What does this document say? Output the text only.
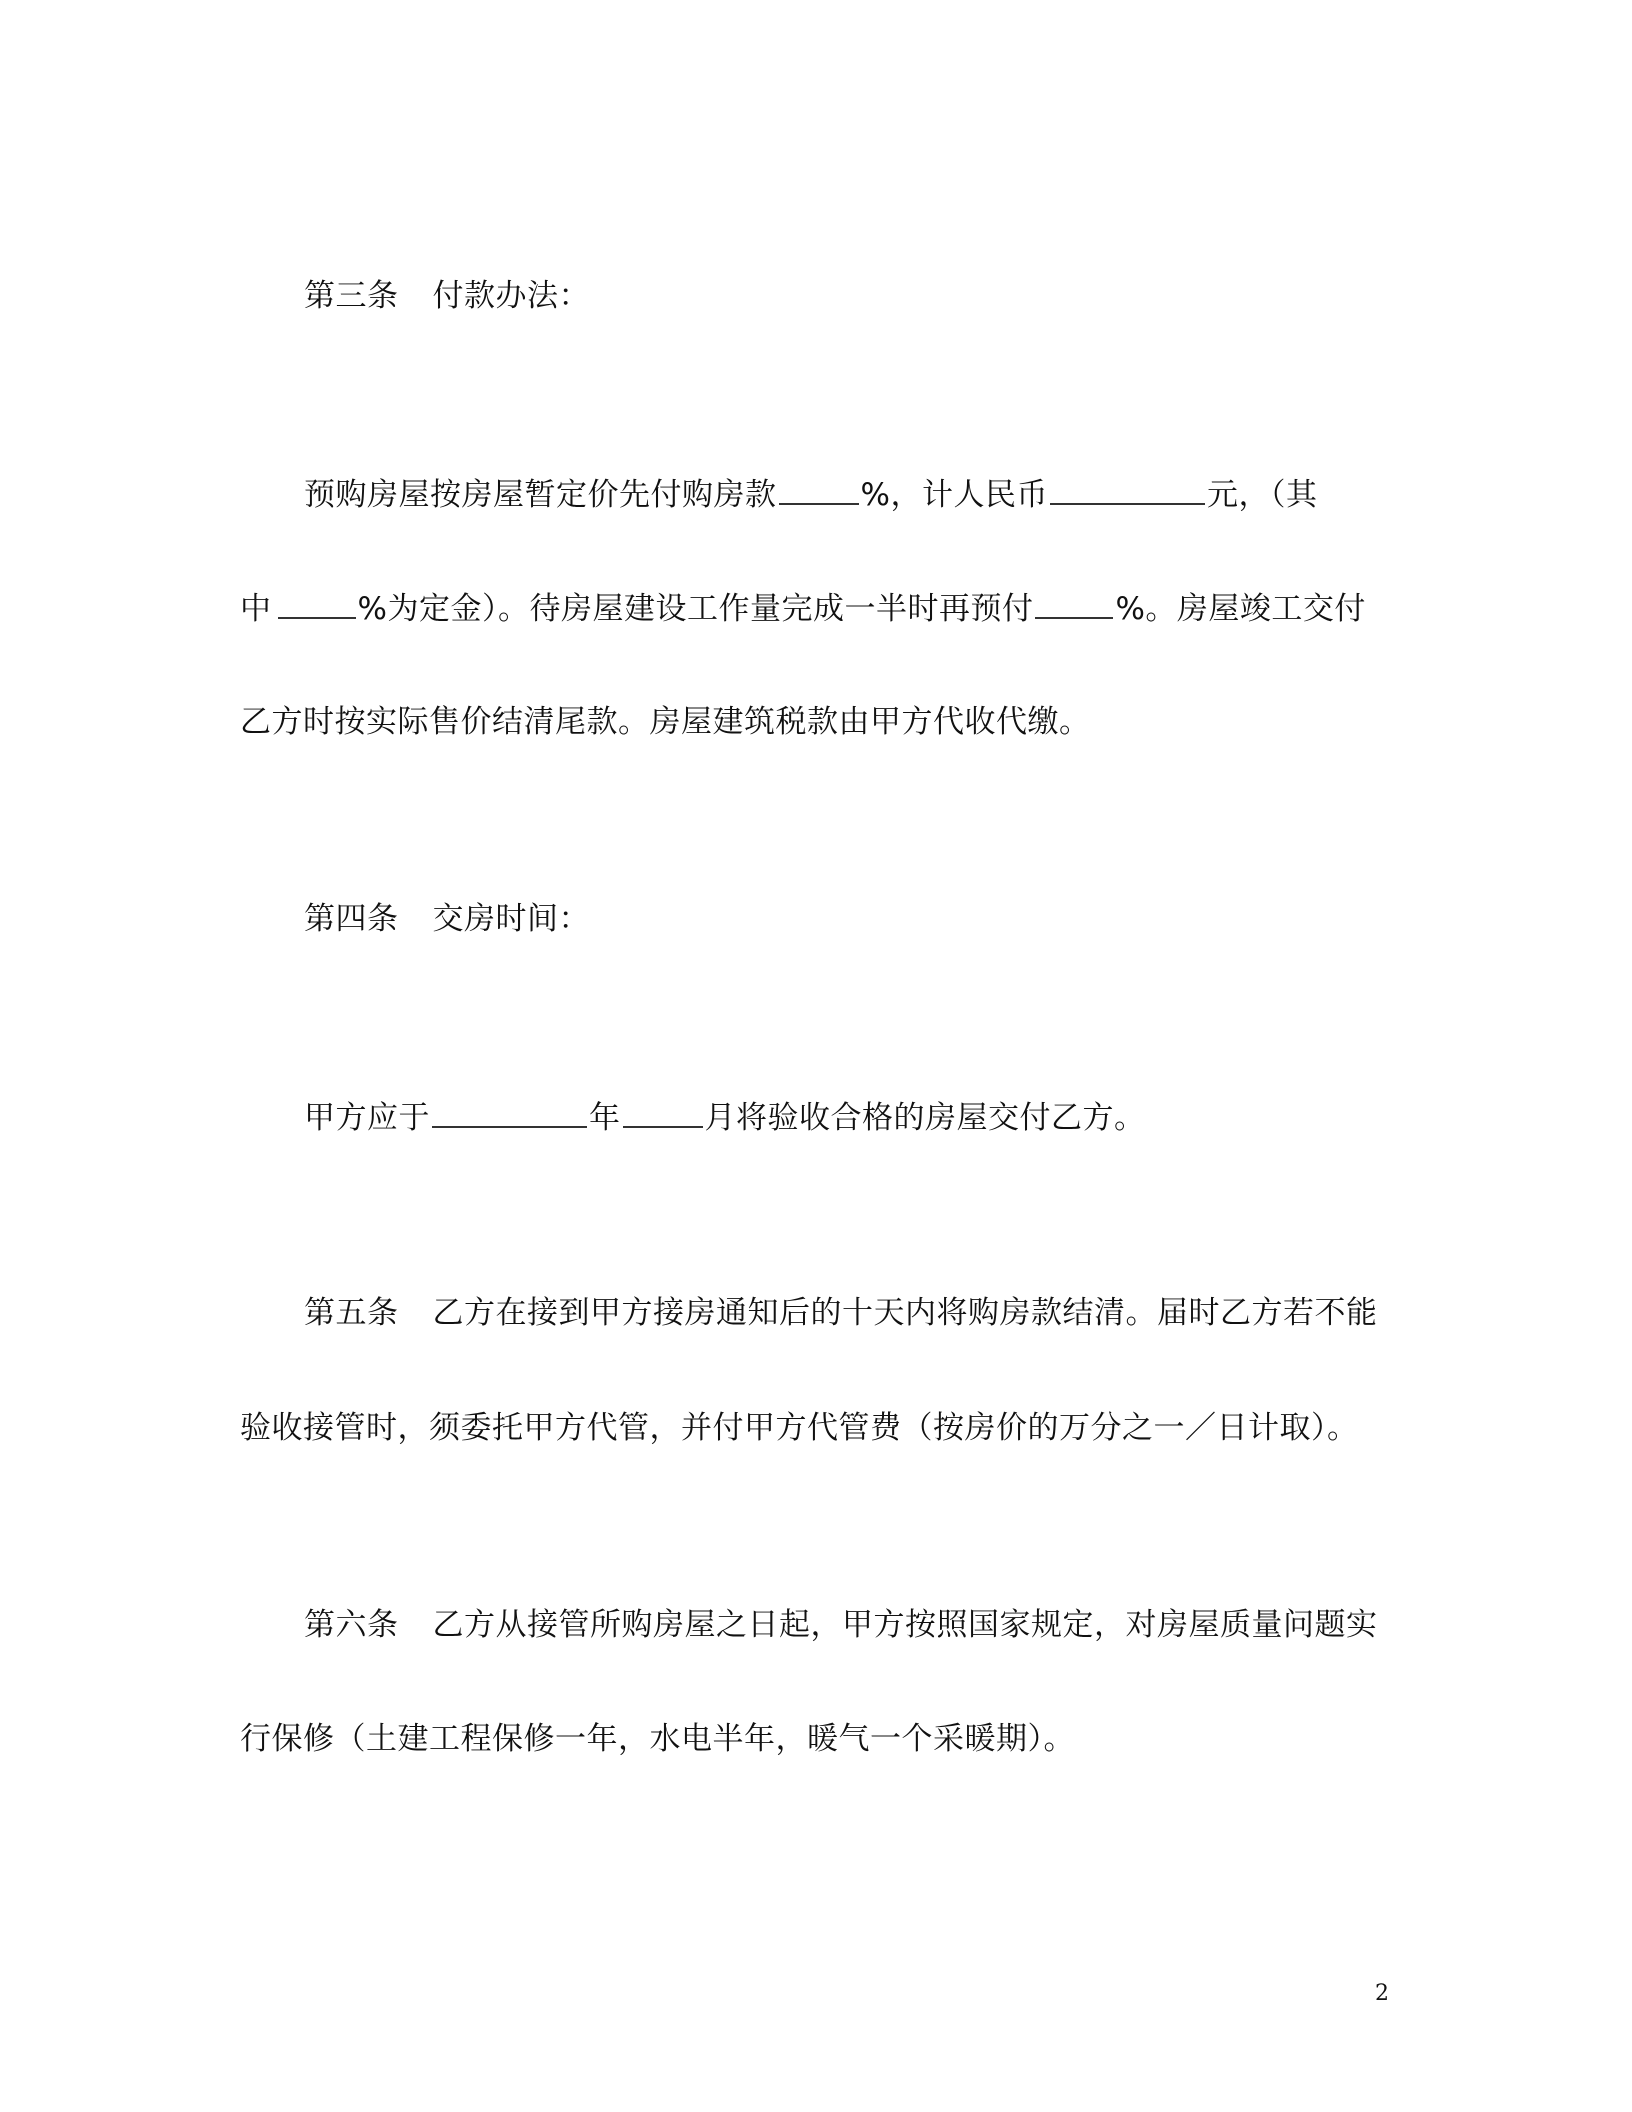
第三条 付款办法：
预购房屋按房屋暂定价先付购房款	%，计人民币	元，（其
中	%为定金）。待房屋建设工作量完成一半时再预付	%。房屋竣工交付
乙方时按实际售价结清尾款。房屋建筑税款由甲方代收代缴。
第四条 交房时间：
甲方应于	年	月将验收合格的房屋交付乙方。
第五条 乙方在接到甲方接房通知后的十天内将购房款结清。届时乙方若不能
验收接管时，须委托甲方代管，并付甲方代管费（按房价的万分之一／日计取）。
第六条 乙方从接管所购房屋之日起，甲方按照国家规定，对房屋质量问题实
行保修（土建工程保修一年，水电半年，暖气一个采暖期）。
2
